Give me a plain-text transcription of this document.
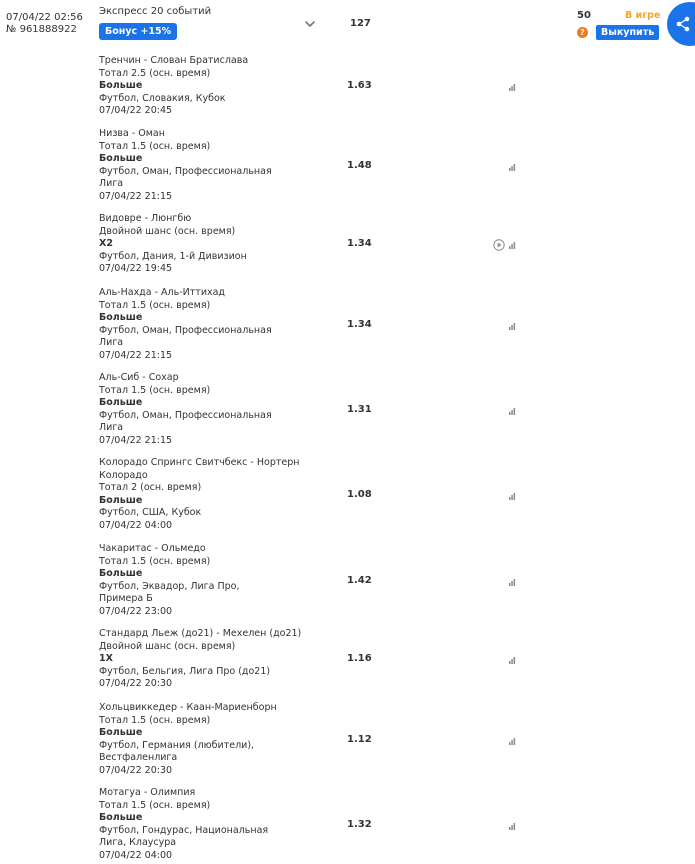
07/04/22 02:56
№ 961888922
Экспресс 20 событий
Бонус +15%
127
50	В игре
?	Выкупить
Тренчин - Слован Братислава
Тотал 2.5 (осн. время)
Больше
Футбол, Словакия, Кубок
07/04/22 20:45
1.63
Низва - Оман
Тотал 1.5 (осн. время)
Больше
Футбол, Оман, Профессиональная
Лига
07/04/22 21:15
1.48
Видовре - Люнгбю
Двойной шанс (осн. время)
X2
Футбол, Дания, 1-й Дивизион
07/04/22 19:45
1.34
Аль-Нахда - Аль-Иттихад
Тотал 1.5 (осн. время)
Больше
Футбол, Оман, Профессиональная
Лига
07/04/22 21:15
1.34
Аль-Сиб - Сохар
Тотал 1.5 (осн. время)
Больше
Футбол, Оман, Профессиональная
Лига
07/04/22 21:15
1.31
Колорадо Спрингс Свитчбекс - Нортерн
Колорадо
Тотал 2 (осн. время)
Больше
Футбол, США, Кубок
07/04/22 04:00
1.08
Чакаритас - Ольмедо
Тотал 1.5 (осн. время)
Больше
Футбол, Эквадор, Лига Про,
Примера Б
07/04/22 23:00
1.42
Стандард Льеж (до21) - Мехелен (до21)
Двойной шанс (осн. время)
1X
Футбол, Бельгия, Лига Про (до21)
07/04/22 20:30
1.16
Хольцвиккедер - Каан-Мариенборн
Тотал 1.5 (осн. время)
Больше
Футбол, Германия (любители),
Вестфаленлига
07/04/22 20:30
1.12
Мотагуа - Олимпия
Тотал 1.5 (осн. время)
Больше
Футбол, Гондурас, Национальная
Лига, Клаусура
07/04/22 04:00
1.32
